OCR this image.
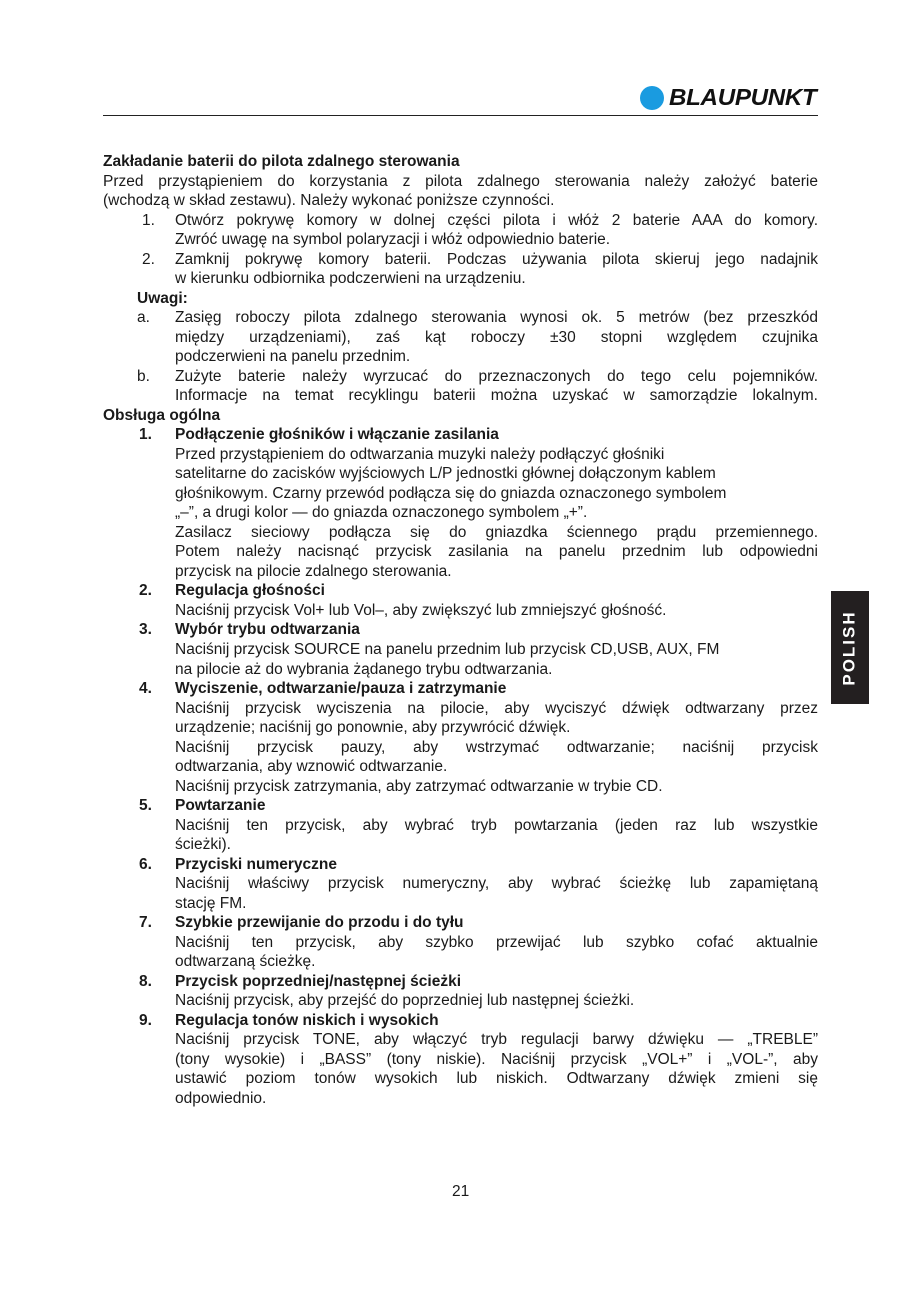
BLAUPUNKT
Zakładanie baterii do pilota zdalnego sterowania
Przed przystąpieniem do korzystania z pilota zdalnego sterowania należy założyć baterie
(wchodzą w skład zestawu). Należy wykonać poniższe czynności.
1. Otwórz pokrywę komory w dolnej części pilota i włóż 2 baterie AAA do komory.
Zwróć uwagę na symbol polaryzacji i włóż odpowiednio baterie.
2. Zamknij pokrywę komory baterii. Podczas używania pilota skieruj jego nadajnik
w kierunku odbiornika podczerwieni na urządzeniu.
Uwagi:
a. Zasięg roboczy pilota zdalnego sterowania wynosi ok. 5 metrów (bez przeszkód
między urządzeniami), zaś kąt roboczy ±30 stopni względem czujnika
podczerwieni na panelu przednim.
b. Zużyte baterie należy wyrzucać do przeznaczonych do tego celu pojemników.
Informacje na temat recyklingu baterii można uzyskać w samorządzie lokalnym.
Obsługa ogólna
1. Podłączenie głośników i włączanie zasilania
Przed przystąpieniem do odtwarzania muzyki należy podłączyć głośniki
satelitarne do zacisków wyjściowych L/P jednostki głównej dołączonym kablem
głośnikowym. Czarny przewód podłącza się do gniazda oznaczonego symbolem
„–”, a drugi kolor — do gniazda oznaczonego symbolem „+”.
Zasilacz sieciowy podłącza się do gniazdka ściennego prądu przemiennego.
Potem należy nacisnąć przycisk zasilania na panelu przednim lub odpowiedni
przycisk na pilocie zdalnego sterowania.
2. Regulacja głośności
Naciśnij przycisk Vol+ lub Vol–, aby zwiększyć lub zmniejszyć głośność.
3. Wybór trybu odtwarzania
Naciśnij przycisk SOURCE na panelu przednim lub przycisk CD,USB, AUX, FM
na pilocie aż do wybrania żądanego trybu odtwarzania.
4. Wyciszenie, odtwarzanie/pauza i zatrzymanie
Naciśnij przycisk wyciszenia na pilocie, aby wyciszyć dźwięk odtwarzany przez
urządzenie; naciśnij go ponownie, aby przywrócić dźwięk.
Naciśnij przycisk pauzy, aby wstrzymać odtwarzanie; naciśnij przycisk
odtwarzania, aby wznowić odtwarzanie.
Naciśnij przycisk zatrzymania, aby zatrzymać odtwarzanie w trybie CD.
5. Powtarzanie
Naciśnij ten przycisk, aby wybrać tryb powtarzania (jeden raz lub wszystkie
ścieżki).
6. Przyciski numeryczne
Naciśnij właściwy przycisk numeryczny, aby wybrać ścieżkę lub zapamiętaną
stację FM.
7. Szybkie przewijanie do przodu i do tyłu
Naciśnij ten przycisk, aby szybko przewijać lub szybko cofać aktualnie
odtwarzaną ścieżkę.
8. Przycisk poprzedniej/następnej ścieżki
Naciśnij przycisk, aby przejść do poprzedniej lub następnej ścieżki.
9. Regulacja tonów niskich i wysokich
Naciśnij przycisk TONE, aby włączyć tryb regulacji barwy dźwięku — „TREBLE”
(tony wysokie) i „BASS” (tony niskie). Naciśnij przycisk „VOL+” i „VOL-”, aby
ustawić poziom tonów wysokich lub niskich. Odtwarzany dźwięk zmieni się
odpowiednio.
POLISH
21
